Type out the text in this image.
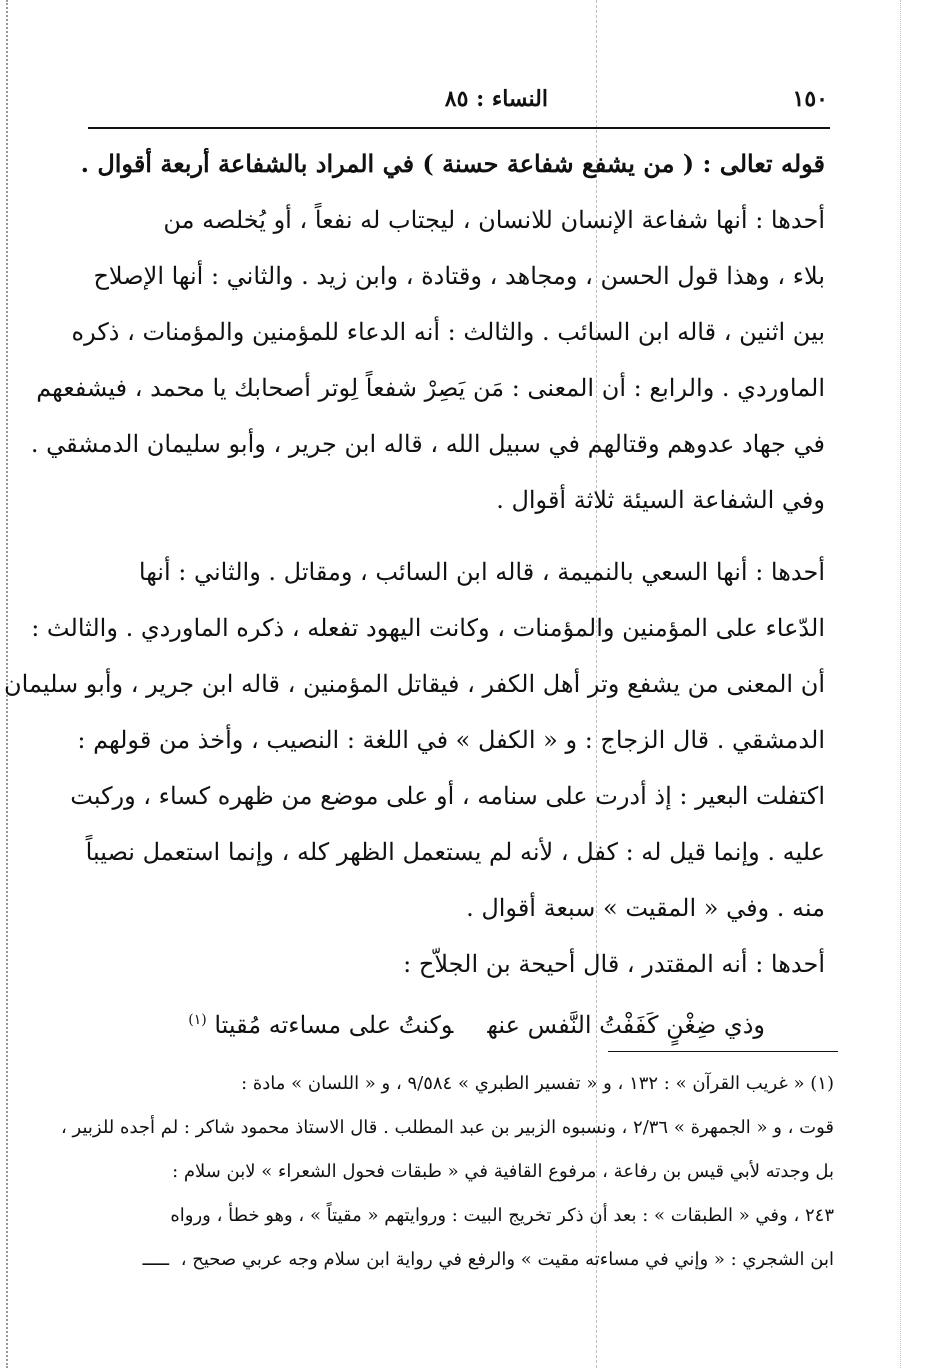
١٥٠
النساء : ٨٥
قوله تعالى : ( من يشفع شفاعة حسنة ) في المراد بالشفاعة أربعة أقوال .
أحدها : أنها شفاعة الإنسان للانسان ، ليجتاب له نفعاً ، أو يُخلصه من
بلاء ، وهذا قول الحسن ، ومجاهد ، وقتادة ، وابن زيد . والثاني : أنها الإصلاح
بين اثنين ، قاله ابن السائب . والثالث : أنه الدعاء للمؤمنين والمؤمنات ، ذكره
الماوردي . والرابع : أن المعنى : مَن يَصِرْ شفعاً لِوتر أصحابك يا محمد ، فيشفعهم
في جهاد عدوهم وقتالهم في سبيل الله ، قاله ابن جرير ، وأبو سليمان الدمشقي .
وفي الشفاعة السيئة ثلاثة أقوال .
أحدها : أنها السعي بالنميمة ، قاله ابن السائب ، ومقاتل . والثاني : أنها
الدّعاء على المؤمنين والمؤمنات ، وكانت اليهود تفعله ، ذكره الماوردي . والثالث :
أن المعنى من يشفع وتر أهل الكفر ، فيقاتل المؤمنين ، قاله ابن جرير ، وأبو سليمان
الدمشقي . قال الزجاج : و « الكفل » في اللغة : النصيب ، وأخذ من قولهم :
اكتفلت البعير : إذ أدرت على سنامه ، أو على موضع من ظهره كساء ، وركبت
عليه . وإنما قيل له : كفل ، لأنه لم يستعمل الظهر كله ، وإنما استعمل نصيباً
منه . وفي « المقيت » سبعة أقوال .
أحدها : أنه المقتدر ، قال أحيحة بن الجلاّح :
وذي ضِغْنٍ كَفَفْتُ النَّفس عنهوكنتُ على مساءته مُقيتا $^{(١)}$
(١) « غريب القرآن » : ١٣٢ ، و « تفسير الطبري » ٩/٥٨٤ ، و « اللسان » مادة :
قوت ، و « الجمهرة » ٢/٣٦ ، ونسبوه الزبير بن عبد المطلب . قال الاستاذ محمود شاكر : لم أجده للزبير ،
بل وجدته لأبي قيس بن رفاعة ، مرفوع القافية في « طبقات فحول الشعراء » لابن سلام :
٢٤٣ ، وفي « الطبقات » : بعد أن ذكر تخريج البيت : وروايتهم « مقيتاً » ، وهو خطأ ، ورواه
ابن الشجري : « وإني في مساءته مقيت » والرفع في رواية ابن سلام وجه عربي صحيح ، ـــــ
